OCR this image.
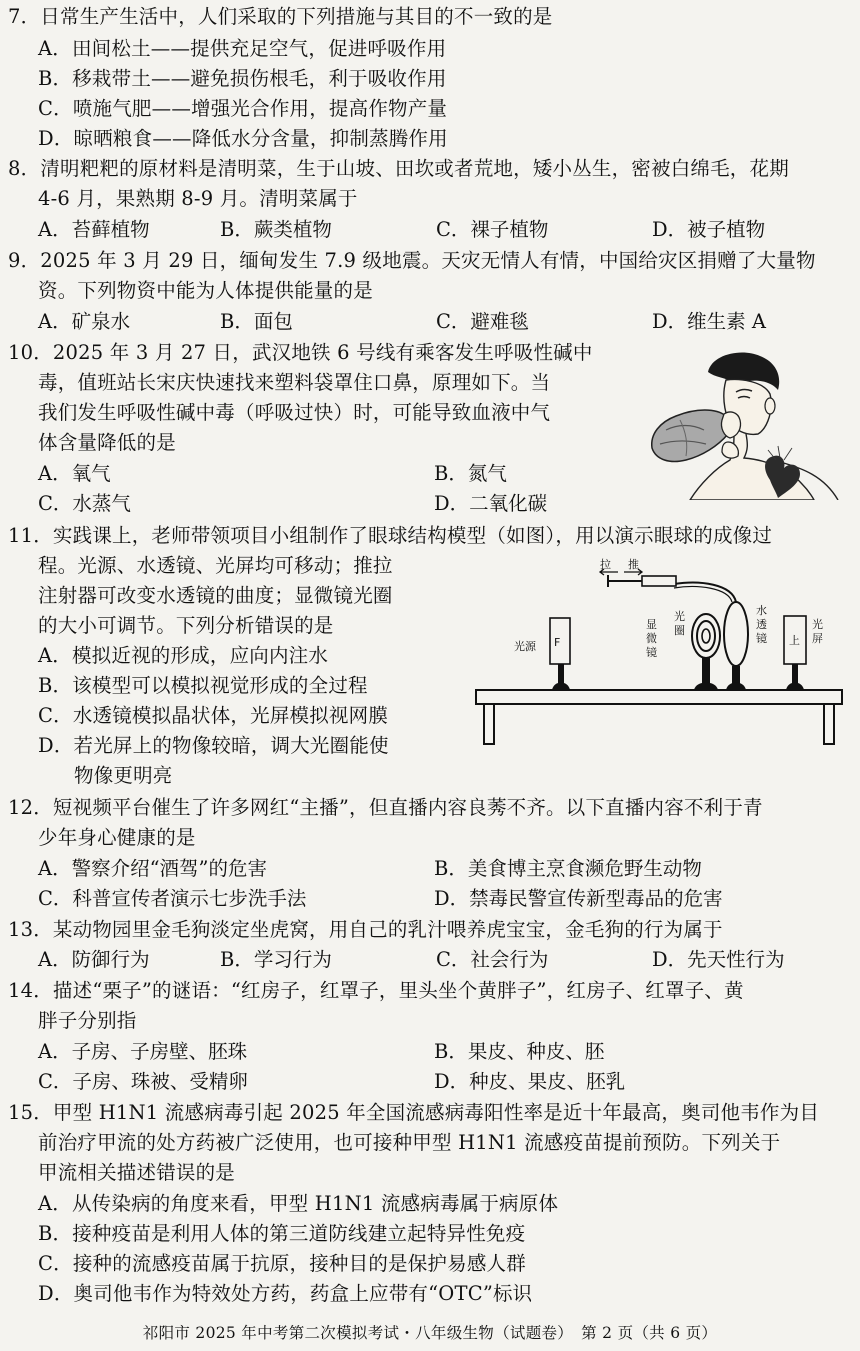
7．日常生产生活中，人们采取的下列措施与其目的不一致的是
A．田间松土——提供充足空气，促进呼吸作用
B．移栽带土——避免损伤根毛，利于吸收作用
C．喷施气肥——增强光合作用，提高作物产量
D．晾晒粮食——降低水分含量，抑制蒸腾作用
8．清明粑粑的原材料是清明菜，生于山坡、田坎或者荒地，矮小丛生，密被白绵毛，花期
4-6 月，果熟期 8-9 月。清明菜属于
A．苔藓植物	B．蕨类植物	C．裸子植物	D．被子植物
9．2025 年 3 月 29 日，缅甸发生 7.9 级地震。天灾无情人有情，中国给灾区捐赠了大量物
资。下列物资中能为人体提供能量的是
A．矿泉水	B．面包	C．避难毯	D．维生素 A
10．2025 年 3 月 27 日，武汉地铁 6 号线有乘客发生呼吸性碱中
毒，值班站长宋庆快速找来塑料袋罩住口鼻，原理如下。当
我们发生呼吸性碱中毒（呼吸过快）时，可能导致血液中气
体含量降低的是
A．氧气	B．氮气
C．水蒸气	D．二氧化碳
11．实践课上，老师带领项目小组制作了眼球结构模型（如图），用以演示眼球的成像过
程。光源、水透镜、光屏均可移动；推拉
注射器可改变水透镜的曲度；显微镜光圈
的大小可调节。下列分析错误的是
A．模拟近视的形成，应向内注水
B．该模型可以模拟视觉形成的全过程
C．水透镜模拟晶状体，光屏模拟视网膜
D．若光屏上的物像较暗，调大光圈能使
物像更明亮
F
光源
显
微
镜
光
圈
水
透
镜
拉 推
上
光
屏
12．短视频平台催生了许多网红“主播”，但直播内容良莠不齐。以下直播内容不利于青
少年身心健康的是
A．警察介绍“酒驾”的危害	B．美食博主烹食濒危野生动物
C．科普宣传者演示七步洗手法	D．禁毒民警宣传新型毒品的危害
13．某动物园里金毛狗淡定坐虎窝，用自己的乳汁喂养虎宝宝，金毛狗的行为属于
A．防御行为	B．学习行为	C．社会行为	D．先天性行为
14．描述“栗子”的谜语：“红房子，红罩子，里头坐个黄胖子”，红房子、红罩子、黄
胖子分别指
A．子房、子房壁、胚珠	B．果皮、种皮、胚
C．子房、珠被、受精卵	D．种皮、果皮、胚乳
15．甲型 H1N1 流感病毒引起 2025 年全国流感病毒阳性率是近十年最高，奥司他韦作为目
前治疗甲流的处方药被广泛使用，也可接种甲型 H1N1 流感疫苗提前预防。下列关于
甲流相关描述错误的是
A．从传染病的角度来看，甲型 H1N1 流感病毒属于病原体
B．接种疫苗是利用人体的第三道防线建立起特异性免疫
C．接种的流感疫苗属于抗原，接种目的是保护易感人群
D．奥司他韦作为特效处方药，药盒上应带有“OTC”标识
祁阳市 2025 年中考第二次模拟考试・八年级生物（试题卷）　第 2 页（共 6 页）
